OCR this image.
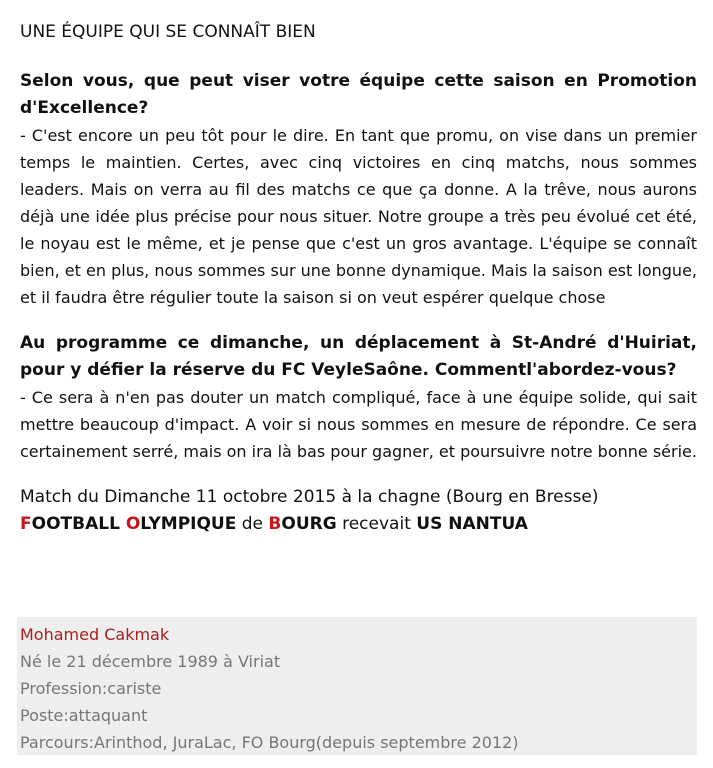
UNE ÉQUIPE QUI SE CONNAÎT BIEN

Selon vous, que peut viser votre équipe cette saison en Promotion d'Excellence?

- C'est encore un peu tôt pour le dire. En tant que promu, on vise dans un premier temps le maintien. Certes, avec cinq victoires en cinq matchs, nous sommes leaders. Mais on verra au fil des matchs ce que ça donne. A la trêve, nous aurons déjà une idée plus précise pour nous situer. Notre groupe a très peu évolué cet été, le noyau est le même, et je pense que c'est un gros avantage. L'équipe se connaît bien, et en plus, nous sommes sur une bonne dynamique. Mais la saison est longue, et il faudra être régulier toute la saison si on veut espérer quelque chose

Au programme ce dimanche, un déplacement à St-André d'Huiriat, pour y défier la réserve du FC VeyleSaône. Commentl'abordez-vous?

- Ce sera à n'en pas douter un match compliqué, face à une équipe solide, qui sait mettre beaucoup d'impact. A voir si nous sommes en mesure de répondre. Ce sera certainement serré, mais on ira là bas pour gagner, et poursuivre notre bonne série.

Match du Dimanche 11 octobre 2015 à la chagne (Bourg en Bresse)

FOOTBALL OLYMPIQUE de BOURG recevait US NANTUA

Mohamed Cakmak

Né le 21 décembre 1989 à Viriat

Profession:cariste

Poste:attaquant

Parcours:Arinthod, JuraLac, FO Bourg(depuis septembre 2012)
